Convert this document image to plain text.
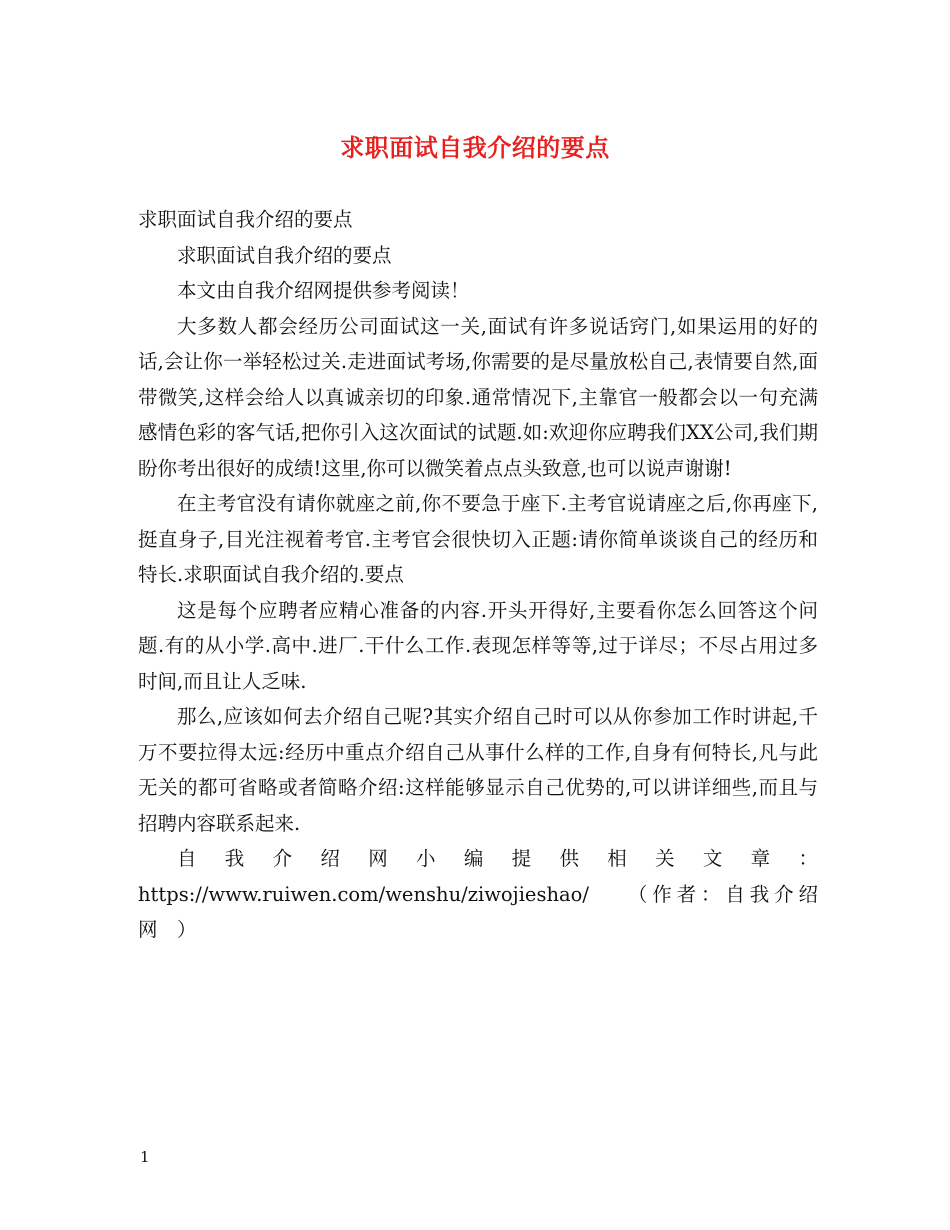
求职面试自我介绍的要点

求职面试自我介绍的要点

求职面试自我介绍的要点

本文由自我介绍网提供参考阅读！

大多数人都会经历公司面试这一关,面试有许多说话窍门,如果运用的好的话,会让你一举轻松过关.走进面试考场,你需要的是尽量放松自己,表情要自然,面带微笑,这样会给人以真诚亲切的印象.通常情况下,主靠官一般都会以一句充满感情色彩的客气话,把你引入这次面试的试题.如:欢迎你应聘我们XX公司,我们期盼你考出很好的成绩!这里,你可以微笑着点点头致意,也可以说声谢谢!

在主考官没有请你就座之前,你不要急于座下.主考官说请座之后,你再座下,挺直身子,目光注视着考官.主考官会很快切入正题:请你简单谈谈自己的经历和特长.求职面试自我介绍的.要点

这是每个应聘者应精心准备的内容.开头开得好,主要看你怎么回答这个问题.有的从小学.高中.进厂.干什么工作.表现怎样等等,过于详尽；不尽占用过多时间,而且让人乏味.

那么,应该如何去介绍自己呢?其实介绍自己时可以从你参加工作时讲起,千万不要拉得太远:经历中重点介绍自己从事什么样的工作,自身有何特长,凡与此无关的都可省略或者简略介绍:这样能够显示自己优势的,可以讲详细些,而且与招聘内容联系起来.

自我介绍网小编提供相关文章：

https://www.ruiwen.com/wenshu/ziwojieshao/ （作者：自我介绍网　）

1
